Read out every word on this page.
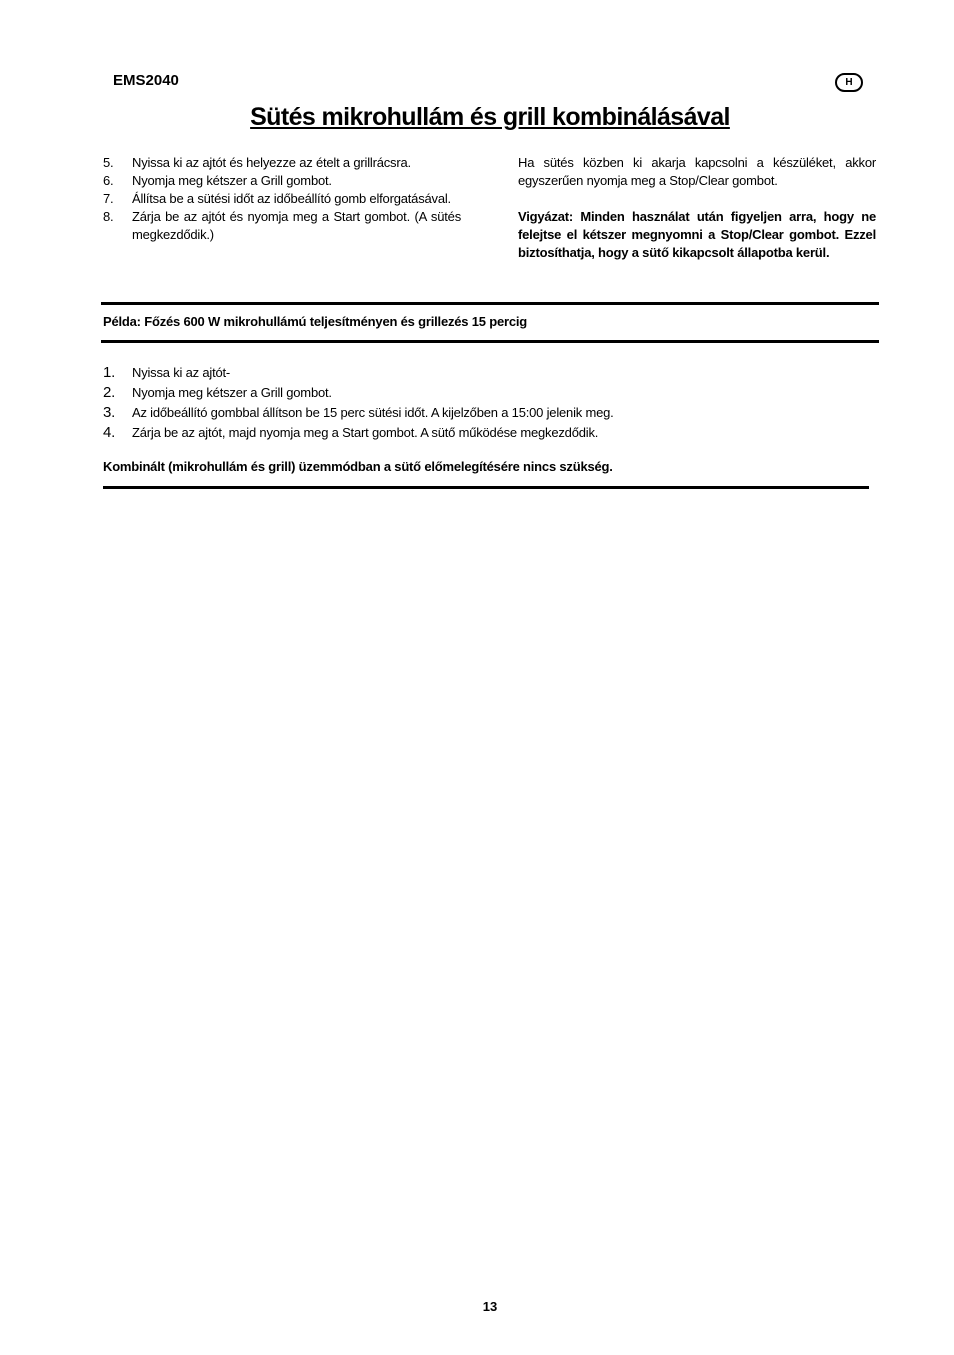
EMS2040	H
Sütés mikrohullám és grill kombinálásával
5.	Nyissa ki az ajtót és helyezze az ételt a grillrácsra.
6.	Nyomja meg kétszer a Grill gombot.
7.	Állítsa be a sütési időt az időbeállító gomb elforgatásával.
8.	Zárja be az ajtót és nyomja meg a Start gombot. (A sütés megkezdődik.)

Ha sütés közben ki akarja kapcsolni a készüléket, akkor egyszerűen nyomja meg a Stop/Clear gombot.

Vigyázat: Minden használat után figyeljen arra, hogy ne felejtse el kétszer megnyomni a Stop/Clear gombot. Ezzel biztosíthatja, hogy a sütő kikapcsolt állapotba kerül.

Példa: Főzés 600 W mikrohullámú teljesítményen és grillezés 15 percig
1.	Nyissa ki az ajtót-
2.	Nyomja meg kétszer a Grill gombot.
3.	Az időbeállító gombbal állítson be 15 perc sütési időt. A kijelzőben a 15:00 jelenik meg.
4.	Zárja be az ajtót, majd nyomja meg a Start gombot. A sütő működése megkezdődik.
Kombinált (mikrohullám és grill) üzemmódban a sütő előmelegítésére nincs szükség.
13
